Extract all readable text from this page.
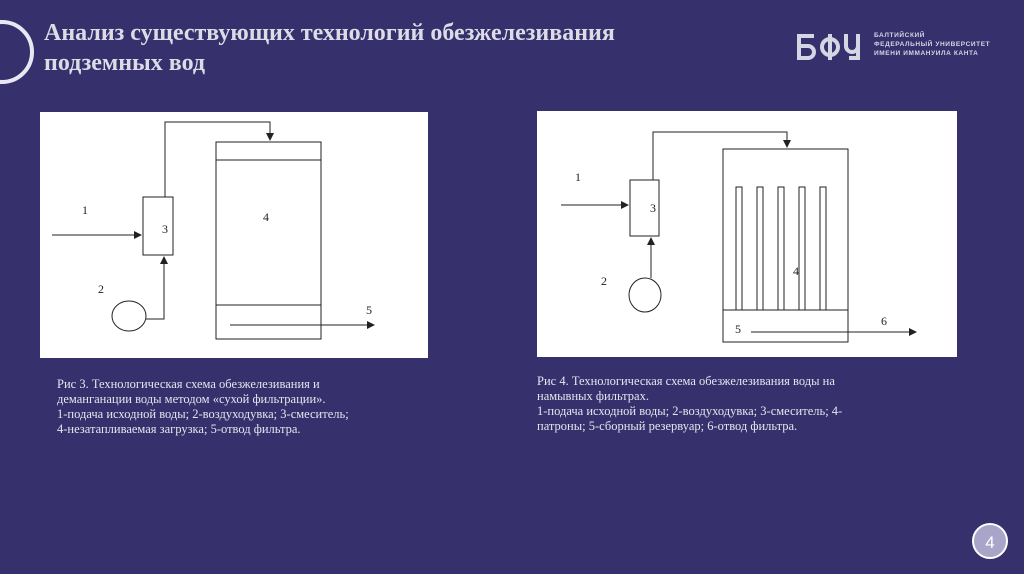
Анализ существующих технологий обезжелезивания
подземных вод
БАЛТИЙСКИЙ
ФЕДЕРАЛЬНЫЙ УНИВЕРСИТЕТ
ИМЕНИ ИММАНУИЛА КАНТА
1
2
3
4
5
1
2
3
4
5
6
Рис 3. Технологическая схема обезжелезивания и
деманганации воды методом «сухой фильтрации».
1-подача исходной воды; 2-воздуходувка; 3-смеситель;
4-незатапливаемая загрузка; 5-отвод фильтра.
Рис 4. Технологическая схема обезжелезивания воды на
намывных фильтрах.
1-подача исходной воды; 2-воздуходувка; 3-смеситель; 4-
патроны; 5-сборный резервуар; 6-отвод фильтра.
4
